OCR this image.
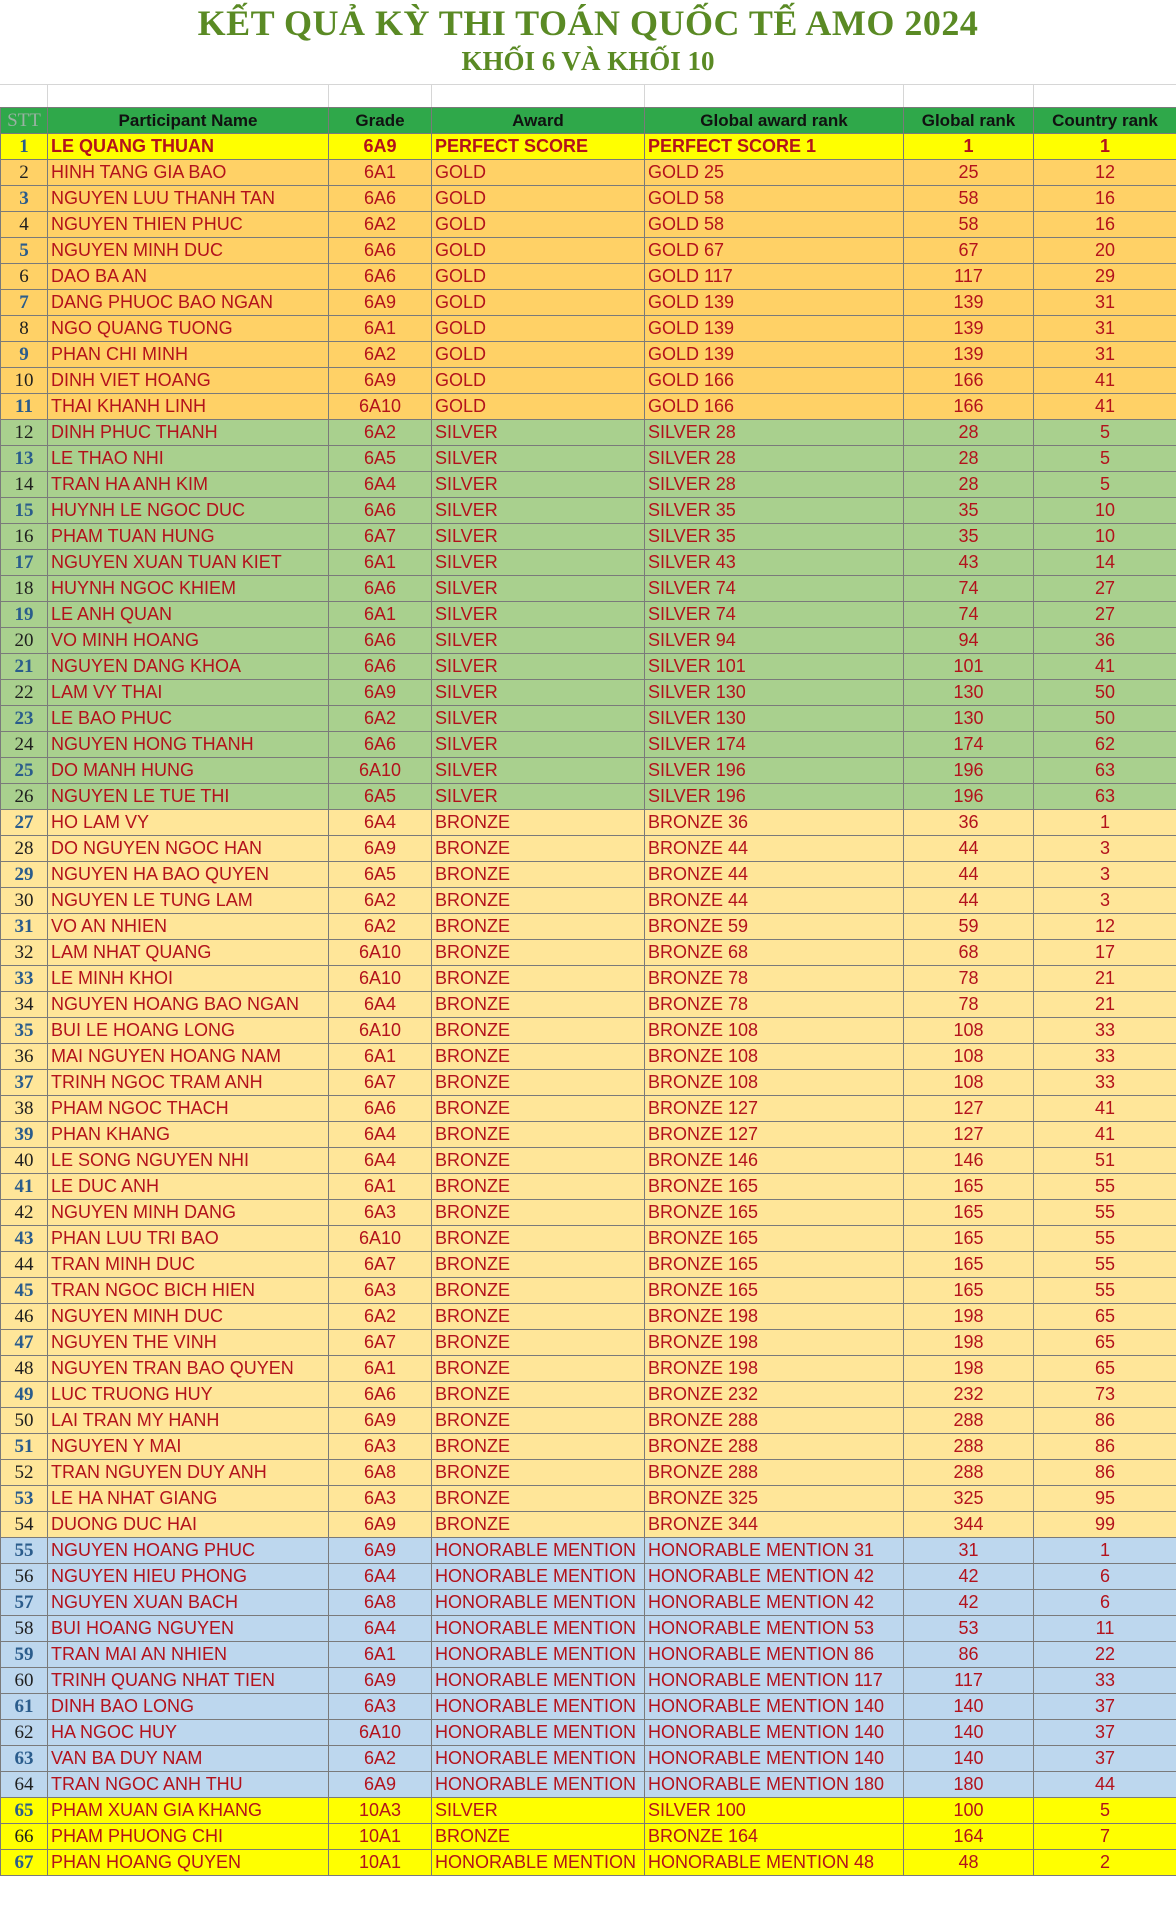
KẾT QUẢ KỲ THI TOÁN QUỐC TẾ AMO 2024
KHỐI 6 VÀ KHỐI 10
STT	Participant Name	Grade	Award	Global award rank	Global rank	Country rank
1	LE QUANG THUAN	6A9	PERFECT SCORE	PERFECT SCORE 1	1	1
2	HINH TANG GIA BAO	6A1	GOLD	GOLD 25	25	12
3	NGUYEN LUU THANH TAN	6A6	GOLD	GOLD 58	58	16
4	NGUYEN THIEN PHUC	6A2	GOLD	GOLD 58	58	16
5	NGUYEN MINH DUC	6A6	GOLD	GOLD 67	67	20
6	DAO BA AN	6A6	GOLD	GOLD 117	117	29
7	DANG PHUOC BAO NGAN	6A9	GOLD	GOLD 139	139	31
8	NGO QUANG TUONG	6A1	GOLD	GOLD 139	139	31
9	PHAN CHI MINH	6A2	GOLD	GOLD 139	139	31
10	DINH VIET HOANG	6A9	GOLD	GOLD 166	166	41
11	THAI KHANH LINH	6A10	GOLD	GOLD 166	166	41
12	DINH PHUC THANH	6A2	SILVER	SILVER 28	28	5
13	LE THAO NHI	6A5	SILVER	SILVER 28	28	5
14	TRAN HA ANH KIM	6A4	SILVER	SILVER 28	28	5
15	HUYNH LE NGOC DUC	6A6	SILVER	SILVER 35	35	10
16	PHAM TUAN HUNG	6A7	SILVER	SILVER 35	35	10
17	NGUYEN XUAN TUAN KIET	6A1	SILVER	SILVER 43	43	14
18	HUYNH NGOC KHIEM	6A6	SILVER	SILVER 74	74	27
19	LE ANH QUAN	6A1	SILVER	SILVER 74	74	27
20	VO MINH HOANG	6A6	SILVER	SILVER 94	94	36
21	NGUYEN DANG KHOA	6A6	SILVER	SILVER 101	101	41
22	LAM VY THAI	6A9	SILVER	SILVER 130	130	50
23	LE BAO PHUC	6A2	SILVER	SILVER 130	130	50
24	NGUYEN HONG THANH	6A6	SILVER	SILVER 174	174	62
25	DO MANH HUNG	6A10	SILVER	SILVER 196	196	63
26	NGUYEN LE TUE THI	6A5	SILVER	SILVER 196	196	63
27	HO LAM VY	6A4	BRONZE	BRONZE 36	36	1
28	DO NGUYEN NGOC HAN	6A9	BRONZE	BRONZE 44	44	3
29	NGUYEN HA BAO QUYEN	6A5	BRONZE	BRONZE 44	44	3
30	NGUYEN LE TUNG LAM	6A2	BRONZE	BRONZE 44	44	3
31	VO AN NHIEN	6A2	BRONZE	BRONZE 59	59	12
32	LAM NHAT QUANG	6A10	BRONZE	BRONZE 68	68	17
33	LE MINH KHOI	6A10	BRONZE	BRONZE 78	78	21
34	NGUYEN HOANG BAO NGAN	6A4	BRONZE	BRONZE 78	78	21
35	BUI LE HOANG LONG	6A10	BRONZE	BRONZE 108	108	33
36	MAI NGUYEN HOANG NAM	6A1	BRONZE	BRONZE 108	108	33
37	TRINH NGOC TRAM ANH	6A7	BRONZE	BRONZE 108	108	33
38	PHAM NGOC THACH	6A6	BRONZE	BRONZE 127	127	41
39	PHAN KHANG	6A4	BRONZE	BRONZE 127	127	41
40	LE SONG NGUYEN NHI	6A4	BRONZE	BRONZE 146	146	51
41	LE DUC ANH	6A1	BRONZE	BRONZE 165	165	55
42	NGUYEN MINH DANG	6A3	BRONZE	BRONZE 165	165	55
43	PHAN LUU TRI BAO	6A10	BRONZE	BRONZE 165	165	55
44	TRAN MINH DUC	6A7	BRONZE	BRONZE 165	165	55
45	TRAN NGOC BICH HIEN	6A3	BRONZE	BRONZE 165	165	55
46	NGUYEN MINH DUC	6A2	BRONZE	BRONZE 198	198	65
47	NGUYEN THE VINH	6A7	BRONZE	BRONZE 198	198	65
48	NGUYEN TRAN BAO QUYEN	6A1	BRONZE	BRONZE 198	198	65
49	LUC TRUONG HUY	6A6	BRONZE	BRONZE 232	232	73
50	LAI TRAN MY HANH	6A9	BRONZE	BRONZE 288	288	86
51	NGUYEN Y MAI	6A3	BRONZE	BRONZE 288	288	86
52	TRAN NGUYEN DUY ANH	6A8	BRONZE	BRONZE 288	288	86
53	LE HA NHAT GIANG	6A3	BRONZE	BRONZE 325	325	95
54	DUONG DUC HAI	6A9	BRONZE	BRONZE 344	344	99
55	NGUYEN HOANG PHUC	6A9	HONORABLE MENTION	HONORABLE MENTION 31	31	1
56	NGUYEN HIEU PHONG	6A4	HONORABLE MENTION	HONORABLE MENTION 42	42	6
57	NGUYEN XUAN BACH	6A8	HONORABLE MENTION	HONORABLE MENTION 42	42	6
58	BUI HOANG NGUYEN	6A4	HONORABLE MENTION	HONORABLE MENTION 53	53	11
59	TRAN MAI AN NHIEN	6A1	HONORABLE MENTION	HONORABLE MENTION 86	86	22
60	TRINH QUANG NHAT TIEN	6A9	HONORABLE MENTION	HONORABLE MENTION 117	117	33
61	DINH BAO LONG	6A3	HONORABLE MENTION	HONORABLE MENTION 140	140	37
62	HA NGOC HUY	6A10	HONORABLE MENTION	HONORABLE MENTION 140	140	37
63	VAN BA DUY NAM	6A2	HONORABLE MENTION	HONORABLE MENTION 140	140	37
64	TRAN NGOC ANH THU	6A9	HONORABLE MENTION	HONORABLE MENTION 180	180	44
65	PHAM XUAN GIA KHANG	10A3	SILVER	SILVER 100	100	5
66	PHAM PHUONG CHI	10A1	BRONZE	BRONZE 164	164	7
67	PHAN HOANG QUYEN	10A1	HONORABLE MENTION	HONORABLE MENTION 48	48	2
